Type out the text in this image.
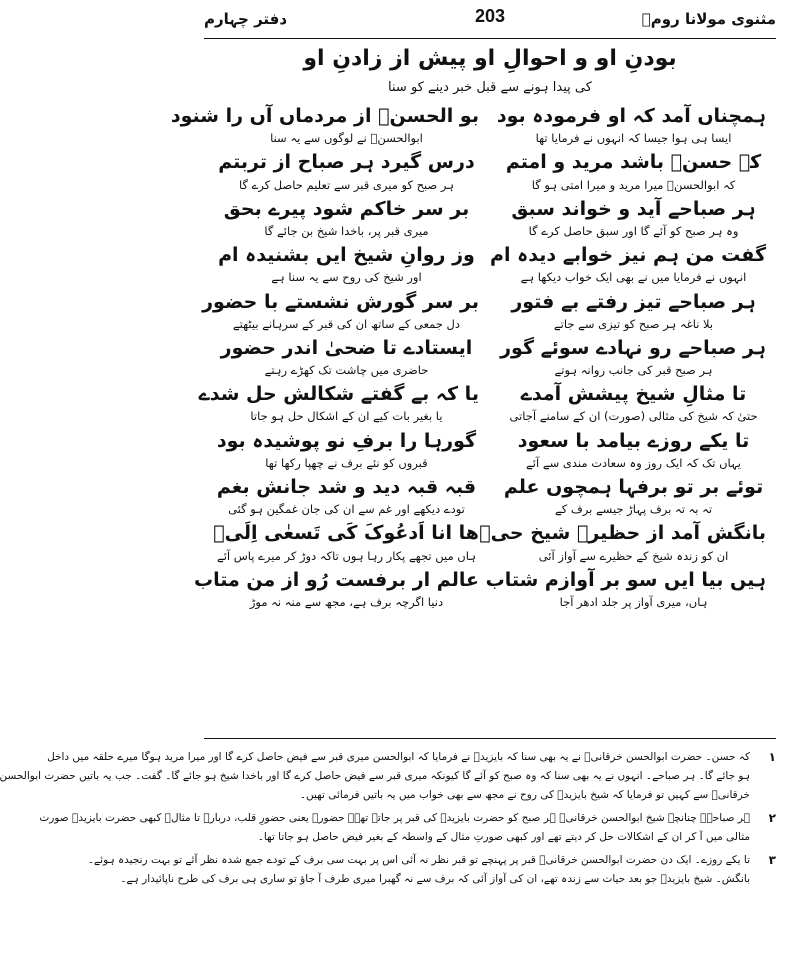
دفتر چہارم	203	مثنوی مولانا رومؒ
بودنِ او و احوالِ او پیش از زادنِ او
کی پیدا ہونے سے قبل خبر دینے کو سنا
ہمچناں آمد کہ او فرمودہ بود
بو الحسنؒ از مردماں آں را شنود
ایسا ہی ہوا جیسا کہ انہوں نے فرمایا تھا
ابوالحسنؒ نے لوگوں سے یہ سنا
کہ حسنؒ باشد مرید و امتم
درس گیرد ہر صباح از تربتم
کہ ابوالحسنؒ میرا مرید و میرا امتی ہو گا
ہر صبح کو میری قبر سے تعلیم حاصل کرے گا
ہر صباحے آید و خواند سبق
بر سر خاکم شود پیرے بحق
وہ ہر صبح کو آئے گا اور سبق حاصل کرے گا
میری قبر پر، باخدا شیخ بن جائے گا
گفت من ہم نیز خوابے دیدہ ام
وز روانِ شیخ ایں بشنیدہ ام
انہوں نے فرمایا میں نے بھی ایک خواب دیکھا ہے
اور شیخ کی روح سے یہ سنا ہے
ہر صباحے تیز رفتے بے فتور
بر سر گورش نشستے با حضور
بلا ناغہ ہر صبح کو تیزی سے جاتے
دل جمعی کے ساتھ ان کی قبر کے سرہانے بیٹھتے
ہر صباحے رو نہادے سوئے گور
ایستادے تا ضحیٰ اندر حضور
ہر صبح قبر کی جانب روانہ ہوتے
حاضری میں چاشت تک کھڑے رہتے
تا مثالِ شیخ پیشش آمدے
یا کہ بے گفتے شکالش حل شدے
حتیٰ کہ شیخ کی مثالی (صورت) ان کے سامنے آجاتی
یا بغیر بات کیے ان کے اشکال حل ہو جاتا
تا یکے روزے بیامد با سعود
گورہا را برفِ نو پوشیدہ بود
یہاں تک کہ ایک روز وہ سعادت مندی سے آئے
قبروں کو نئے برف نے چھپا رکھا تھا
توئے بر تو برفہا ہمچوں علم
قبہ قبہ دید و شد جانش بغم
تہ بہ تہ برف پہاڑ جیسے برف کے
تودے دیکھے اور غم سے ان کی جان غمگین ہو گئی
بانگش آمد از حظیرہ شیخ حیؒ
ھا انا اَدعُوکَ کَی تَسعٰی اِلَیؒ
ان کو زندہ شیخ کے حظیرے سے آواز آئی
ہاں میں تجھے پکار رہا ہوں تاکہ دوڑ کر میرے پاس آئے
ہیں بیا ایں سو بر آوازم شتاب
عالم ار برفست رُو از من متاب
ہاں، میری آواز پر جلد ادھر آجا
دنیا اگرچہ برف ہے، مجھ سے منہ نہ موڑ
۱
کہ حسن۔ حضرت ابوالحسن خرقانیؒ نے یہ بھی سنا کہ بایزیدؒ نے فرمایا کہ ابوالحسن میری قبر سے فیض حاصل کرے گا اور میرا مرید ہوگا میرے حلقہ میں داخل
ہو جائے گا۔ ہر صباحے۔ انہوں نے یہ بھی سنا کہ وہ صبح کو آئے گا کیونکہ میری قبر سے فیض حاصل کرے گا اور باخدا شیخ ہو جائے گا۔ گفت۔ جب یہ باتیں حضرت ابوالحسن
خرقانیؒ سے کہیں تو فرمایا کہ شیخ بایزیدؒ کی روح نے مجھ سے بھی خواب میں یہ باتیں فرمائی تھیں۔
۲
ہر صباحے۔ چنانچہ شیخ ابوالحسن خرقانیؒ ہر صبح کو حضرت بایزیدؒ کی قبر پر جاتے تھے۔ حضور۔ یعنی حضورِ قلب، دربار۔ تا مثال۔ کبھی حضرت بایزیدؒ صورت
مثالی میں آ کر ان کے اشکالات حل کر دیتے تھے اور کبھی صورتِ مثال کے واسطہ کے بغیر فیض حاصل ہو جاتا تھا۔
۳
تا یکے روزے۔ ایک دن حضرت ابوالحسن خرقانیؒ قبر پر پہنچے تو قبر نظر نہ آئی اس پر بہت سی برف کے تودے جمع شدہ نظر آئے تو بہت رنجیدہ ہوئے۔
بانگش۔ شیخ بایزیدؒ جو بعد حیات سے زندہ تھے، ان کی آواز آئی کہ برف سے نہ گھبرا میری طرف آ جاؤ تو ساری ہی برف کی طرح ناپائیدار ہے۔
